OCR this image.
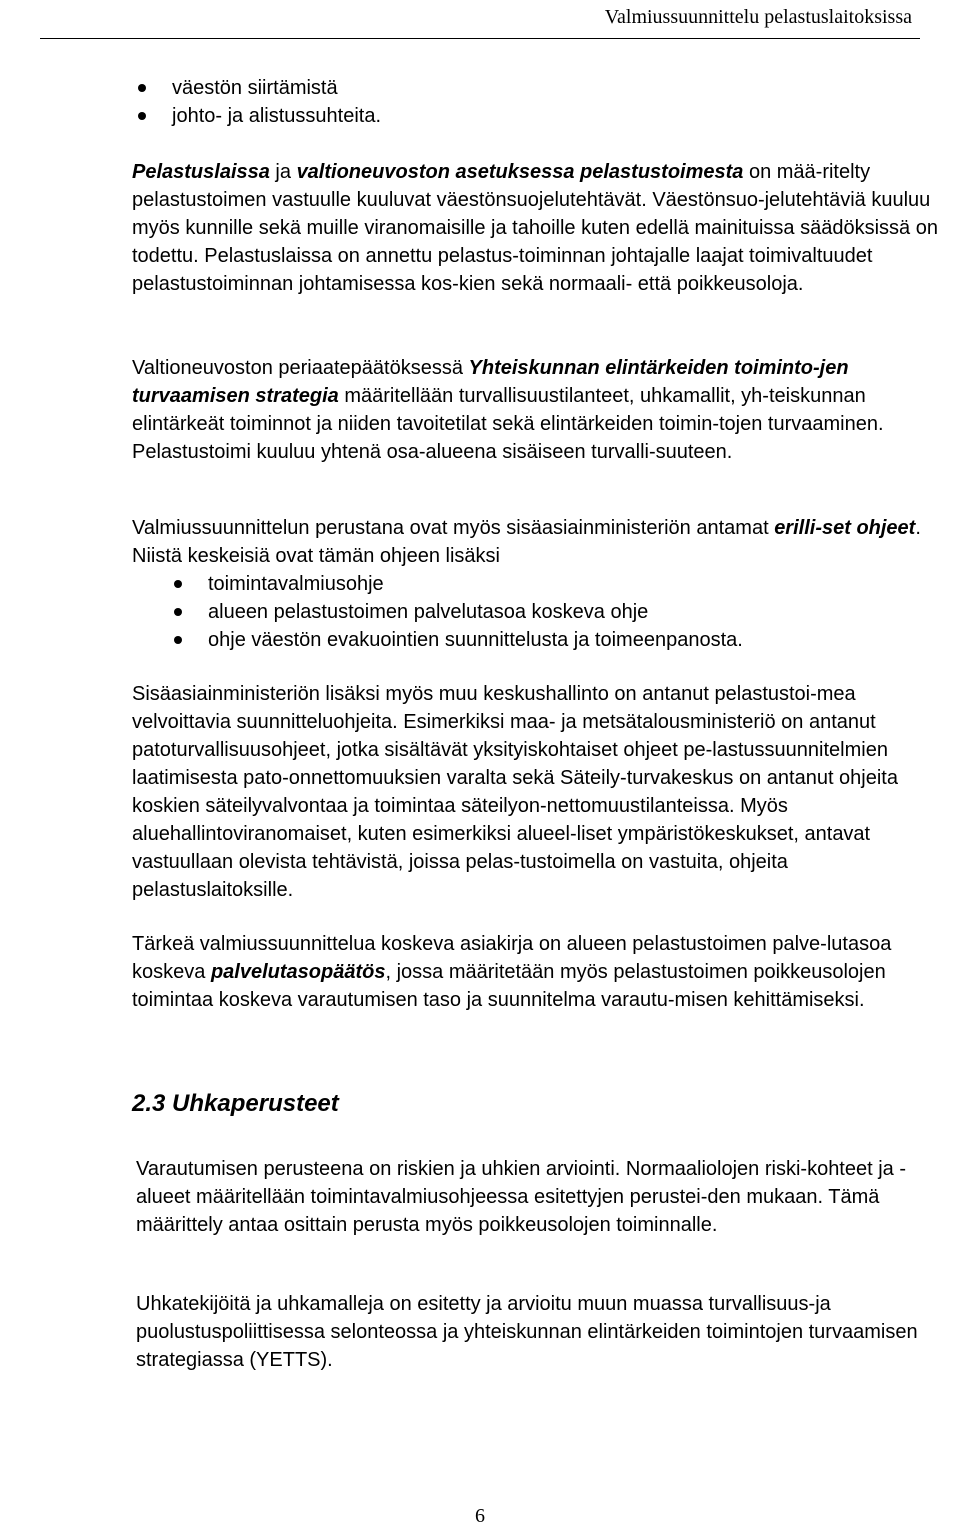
Valmiussuunnittelu pelastuslaitoksissa
väestön siirtämistä
johto- ja alistussuhteita.

Pelastuslaissa ja valtioneuvoston asetuksessa pelastustoimesta on mää-ritelty pelastustoimen vastuulle kuuluvat väestönsuojelutehtävät. Väestönsuo-jelutehtäviä kuuluu myös kunnille sekä muille viranomaisille ja tahoille kuten edellä mainituissa säädöksissä on todettu. Pelastuslaissa on annettu pelastus-toiminnan johtajalle laajat toimivaltuudet pelastustoiminnan johtamisessa kos-kien sekä normaali- että poikkeusoloja.

Valtioneuvoston periaatepäätöksessä Yhteiskunnan elintärkeiden toiminto-jen turvaamisen strategia määritellään turvallisuustilanteet, uhkamallit, yh-teiskunnan elintärkeät toiminnot ja niiden tavoitetilat sekä elintärkeiden toimin-tojen turvaaminen. Pelastustoimi kuuluu yhtenä osa-alueena sisäiseen turvalli-suuteen.

Valmiussuunnittelun perustana ovat myös sisäasiainministeriön antamat erilli-set ohjeet. Niistä keskeisiä ovat tämän ohjeen lisäksi

toimintavalmiusohje
alueen pelastustoimen palvelutasoa koskeva ohje
ohje väestön evakuointien suunnittelusta ja toimeenpanosta.

Sisäasiainministeriön lisäksi myös muu keskushallinto on antanut pelastustoi-mea velvoittavia suunnitteluohjeita. Esimerkiksi maa- ja metsätalousministeriö on antanut patoturvallisuusohjeet, jotka sisältävät yksityiskohtaiset ohjeet pe-lastussuunnitelmien laatimisesta pato-onnettomuuksien varalta sekä Säteily-turvakeskus on antanut ohjeita koskien säteilyvalvontaa ja toimintaa säteilyon-nettomuustilanteissa. Myös aluehallintoviranomaiset, kuten esimerkiksi alueel-liset ympäristökeskukset, antavat vastuullaan olevista tehtävistä, joissa pelas-tustoimella on vastuita, ohjeita pelastuslaitoksille.

Tärkeä valmiussuunnittelua koskeva asiakirja on alueen pelastustoimen palve-lutasoa koskeva palvelutasopäätös, jossa määritetään myös pelastustoimen poikkeusolojen toimintaa koskeva varautumisen taso ja suunnitelma varautu-misen kehittämiseksi.

2.3 Uhkaperusteet

Varautumisen perusteena on riskien ja uhkien arviointi. Normaaliolojen riski-kohteet ja -alueet määritellään toimintavalmiusohjeessa esitettyjen perustei-den mukaan. Tämä määrittely antaa osittain perusta myös poikkeusolojen toiminnalle.

Uhkatekijöitä ja uhkamalleja on esitetty ja arvioitu muun muassa turvallisuus-ja puolustuspoliittisessa selonteossa ja yhteiskunnan elintärkeiden toimintojen turvaamisen strategiassa (YETTS).

6
